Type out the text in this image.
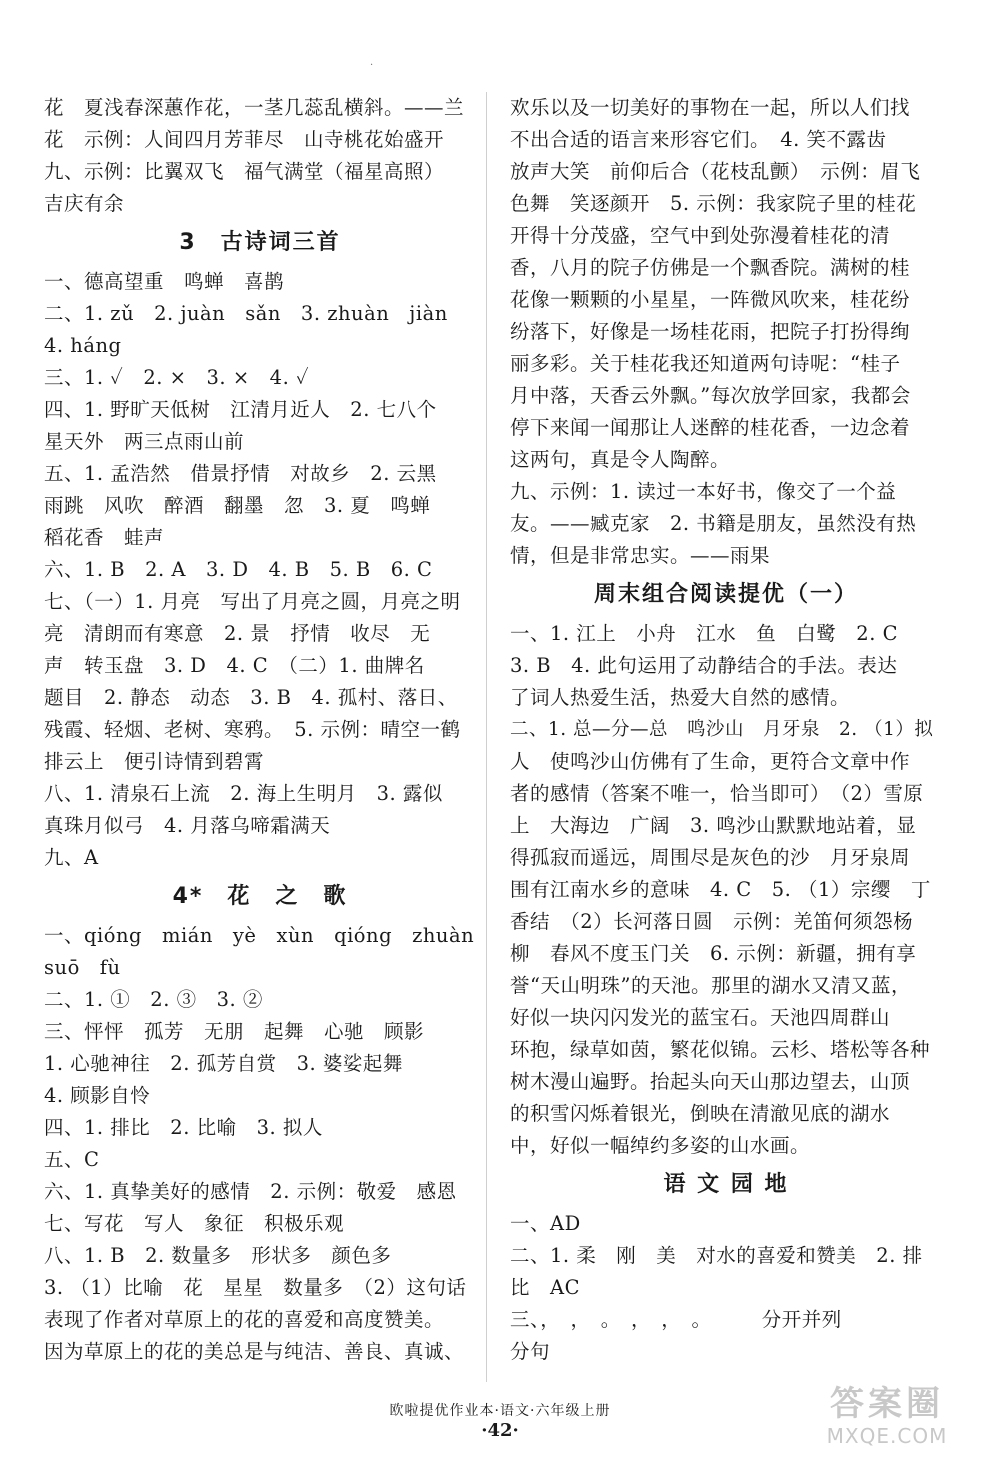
·
花　夏浅春深蕙作花，一茎几蕊乱横斜。——兰
花　示例：人间四月芳菲尽　山寺桃花始盛开
九、示例：比翼双飞　福气满堂（福星高照）
吉庆有余
3　古诗词三首
一、德高望重　鸣蝉　喜鹊
二、1. zǔ　2. juàn　sǎn　3. zhuàn　jiàn
4. háng
三、1. ✓　2. ×　3. ×　4. ✓
四、1. 野旷天低树　江清月近人　2. 七八个
星天外　两三点雨山前
五、1. 孟浩然　借景抒情　对故乡　2. 云黑
雨跳　风吹　醉酒　翻墨　忽　3. 夏　鸣蝉
稻花香　蛙声
六、1. B　2. A　3. D　4. B　5. B　6. C
七、（一）1. 月亮　写出了月亮之圆，月亮之明
亮　清朗而有寒意　2. 景　抒情　收尽　无
声　转玉盘　3. D　4. C　（二）1. 曲牌名
题目　2. 静态　动态　3. B　4. 孤村、落日、
残霞、轻烟、老树、寒鸦。　5. 示例：晴空一鹤
排云上　便引诗情到碧霄
八、1. 清泉石上流　2. 海上生明月　3. 露似
真珠月似弓　4. 月落乌啼霜满天
九、A
4*　花　之　歌
一、qióng　mián　yè　xùn　qióng　zhuàn
suō　fù
二、1. ①　2. ③　3. ②
三、怦怦　孤芳　无朋　起舞　心驰　顾影
1. 心驰神往　2. 孤芳自赏　3. 婆娑起舞
4. 顾影自怜
四、1. 排比　2. 比喻　3. 拟人
五、C
六、1. 真挚美好的感情　2. 示例：敬爱　感恩
七、写花　写人　象征　积极乐观
八、1. B　2. 数量多　形状多　颜色多
3. （1）比喻　花　星星　数量多　（2）这句话
表现了作者对草原上的花的喜爱和高度赞美。
因为草原上的花的美总是与纯洁、善良、真诚、
欢乐以及一切美好的事物在一起，所以人们找
不出合适的语言来形容它们。　4. 笑不露齿
放声大笑　前仰后合（花枝乱颤）　示例：眉飞
色舞　笑逐颜开　5. 示例：我家院子里的桂花
开得十分茂盛，空气中到处弥漫着桂花的清
香，八月的院子仿佛是一个飘香院。满树的桂
花像一颗颗的小星星，一阵微风吹来，桂花纷
纷落下，好像是一场桂花雨，把院子打扮得绚
丽多彩。关于桂花我还知道两句诗呢：“桂子
月中落，天香云外飘。”每次放学回家，我都会
停下来闻一闻那让人迷醉的桂花香，一边念着
这两句，真是令人陶醉。
九、示例：1. 读过一本好书，像交了一个益
友。——臧克家　2. 书籍是朋友，虽然没有热
情，但是非常忠实。——雨果
周末组合阅读提优（一）
一、1. 江上　小舟　江水　鱼　白鹭　2. C
3. B　4. 此句运用了动静结合的手法。表达
了词人热爱生活，热爱大自然的感情。
二、1. 总—分—总　鸣沙山　月牙泉　2. （1）拟
人　使鸣沙山仿佛有了生命，更符合文章中作
者的感情（答案不唯一，恰当即可）　（2）雪原
上　大海边　广阔　3. 鸣沙山默默地站着，显
得孤寂而遥远，周围尽是灰色的沙　月牙泉周
围有江南水乡的意味　4. C　5. （1）宗缨　丁
香结　（2）长河落日圆　示例：羌笛何须怨杨
柳　春风不度玉门关　6. 示例：新疆，拥有享
誉“天山明珠”的天池。那里的湖水又清又蓝，
好似一块闪闪发光的蓝宝石。天池四周群山
环抱，绿草如茵，繁花似锦。云杉、塔松等各种
树木漫山遍野。抬起头向天山那边望去，山顶
的积雪闪烁着银光，倒映在清澈见底的湖水
中，好似一幅绰约多姿的山水画。
语 文 园 地
一、AD
二、1. 柔　刚　美　对水的喜爱和赞美　2. 排
比　AC
三、，　，　。　，　，　。　　　分开并列
分句
欧啦提优作业本·语文·六年级上册
·42·
答案圈
MXQE.COM
